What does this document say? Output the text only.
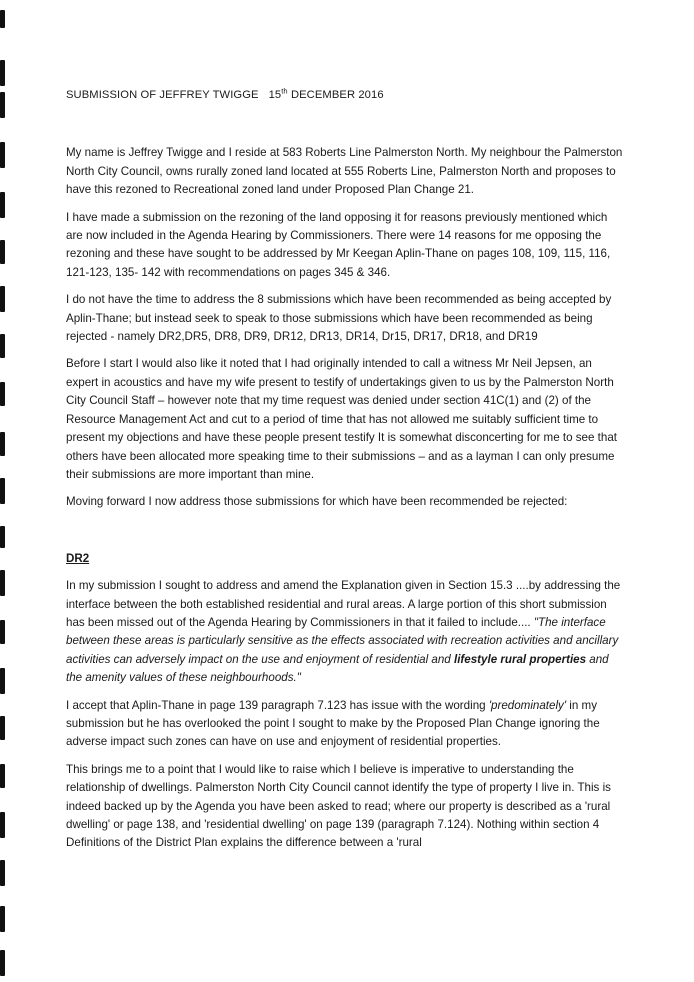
SUBMISSION OF JEFFREY TWIGGE 15th DECEMBER 2016

My name is Jeffrey Twigge and I reside at 583 Roberts Line Palmerston North. My neighbour the Palmerston North City Council, owns rurally zoned land located at 555 Roberts Line, Palmerston North and proposes to have this rezoned to Recreational zoned land under Proposed Plan Change 21.

I have made a submission on the rezoning of the land opposing it for reasons previously mentioned which are now included in the Agenda Hearing by Commissioners. There were 14 reasons for me opposing the rezoning and these have sought to be addressed by Mr Keegan Aplin-Thane on pages 108, 109, 115, 116, 121-123, 135- 142 with recommendations on pages 345 & 346.

I do not have the time to address the 8 submissions which have been recommended as being accepted by Aplin-Thane; but instead seek to speak to those submissions which have been recommended as being rejected - namely DR2,DR5, DR8, DR9, DR12, DR13, DR14, Dr15, DR17, DR18, and DR19

Before I start I would also like it noted that I had originally intended to call a witness Mr Neil Jepsen, an expert in acoustics and have my wife present to testify of undertakings given to us by the Palmerston North City Council Staff – however note that my time request was denied under section 41C(1) and (2) of the Resource Management Act and cut to a period of time that has not allowed me suitably sufficient time to present my objections and have these people present testify It is somewhat disconcerting for me to see that others have been allocated more speaking time to their submissions – and as a layman I can only presume their submissions are more important than mine.

Moving forward I now address those submissions for which have been recommended be rejected:

DR2

In my submission I sought to address and amend the Explanation given in Section 15.3 ....by addressing the interface between the both established residential and rural areas. A large portion of this short submission has been missed out of the Agenda Hearing by Commissioners in that it failed to include.... "The interface between these areas is particularly sensitive as the effects associated with recreation activities and ancillary activities can adversely impact on the use and enjoyment of residential and lifestyle rural properties and the amenity values of these neighbourhoods."

I accept that Aplin-Thane in page 139 paragraph 7.123 has issue with the wording 'predominately' in my submission but he has overlooked the point I sought to make by the Proposed Plan Change ignoring the adverse impact such zones can have on use and enjoyment of residential properties.

This brings me to a point that I would like to raise which I believe is imperative to understanding the relationship of dwellings. Palmerston North City Council cannot identify the type of property I live in. This is indeed backed up by the Agenda you have been asked to read; where our property is described as a 'rural dwelling' or page 138, and 'residential dwelling' on page 139 (paragraph 7.124). Nothing within section 4 Definitions of the District Plan explains the difference between a 'rural
